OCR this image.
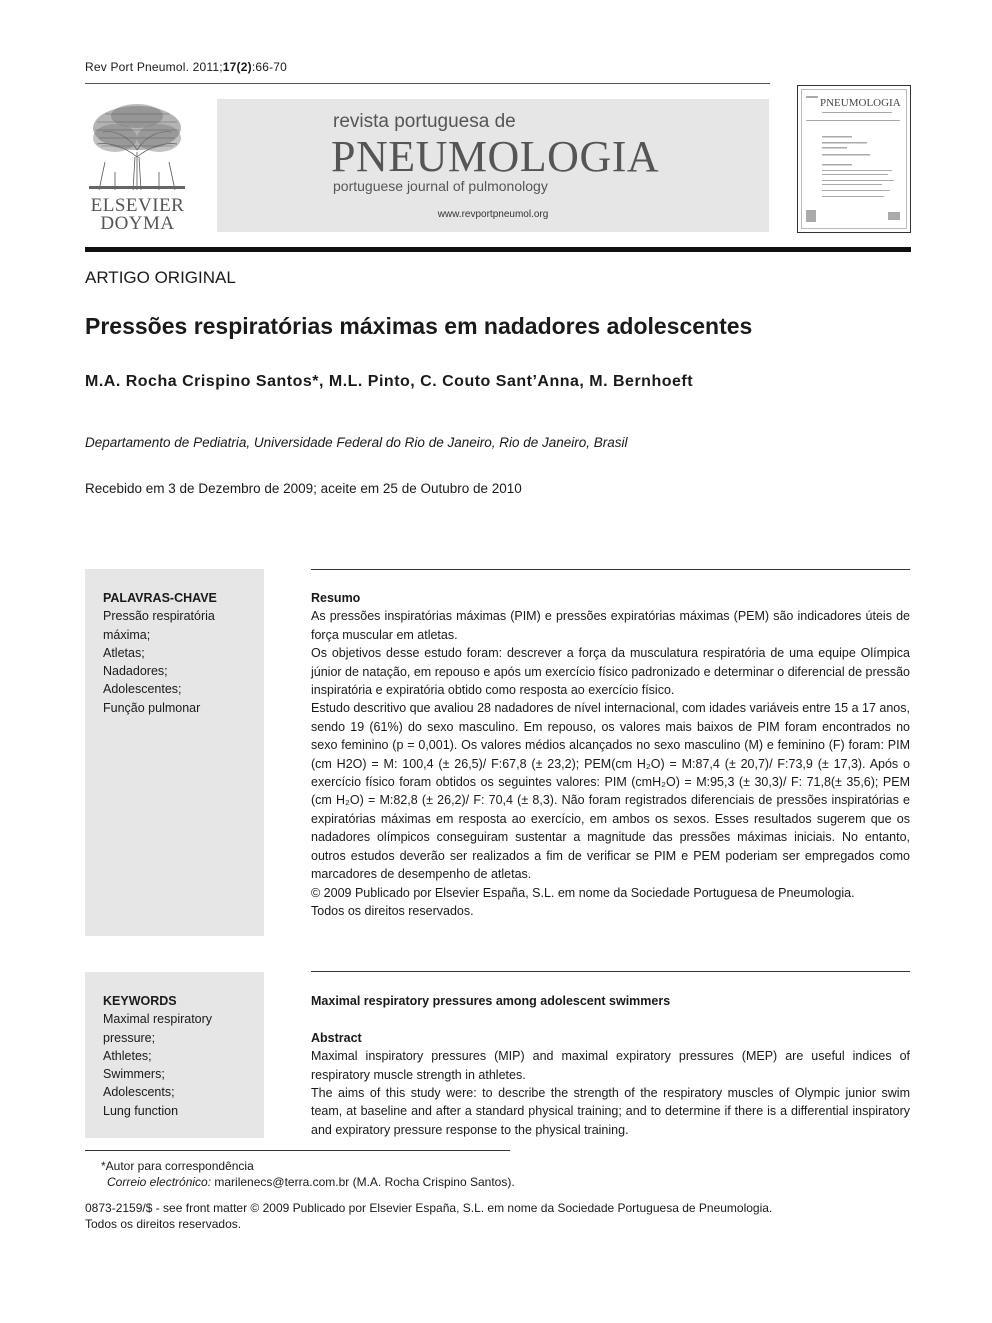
Rev Port Pneumol. 2011;17(2):66-70
ELSEVIER
DOYMA
revista portuguesa de
PNEUMOLOGIA
portuguese journal of pulmonology
www.revportpneumol.org
PNEUMOLOGIA
ARTIGO ORIGINAL
Pressões respiratórias máximas em nadadores adolescentes
M.A. Rocha Crispino Santos*, M.L. Pinto, C. Couto Sant’Anna, M. Bernhoeft
Departamento de Pediatria, Universidade Federal do Rio de Janeiro, Rio de Janeiro, Brasil
Recebido em 3 de Dezembro de 2009; aceite em 25 de Outubro de 2010
PALAVRAS-CHAVE
Pressão respiratória
máxima;
Atletas;
Nadadores;
Adolescentes;
Função pulmonar

Resumo

As pressões inspiratórias máximas (PIM) e pressões expiratórias máximas (PEM) são indicadores úteis de força muscular em atletas.

Os objetivos desse estudo foram: descrever a força da musculatura respiratória de uma equipe Olímpica júnior de natação, em repouso e após um exercício físico padronizado e determinar o diferencial de pressão inspiratória e expiratória obtido como resposta ao exercício físico.

Estudo descritivo que avaliou 28 nadadores de nível internacional, com idades variáveis entre 15 a 17 anos, sendo 19 (61%) do sexo masculino. Em repouso, os valores mais baixos de PIM foram encontrados no sexo feminino (p = 0,001). Os valores médios alcançados no sexo masculino (M) e feminino (F) foram: PIM (cm H2O) = M: 100,4 (± 26,5)/ F:67,8 (± 23,2); PEM(cm H₂O) = M:87,4 (± 20,7)/ F:73,9 (± 17,3). Após o exercício físico foram obtidos os seguintes valores: PIM (cmH₂O) = M:95,3 (± 30,3)/ F: 71,8(± 35,6); PEM (cm H₂O) = M:82,8 (± 26,2)/ F: 70,4 (± 8,3). Não foram registrados diferenciais de pressões inspiratórias e expiratórias máximas em resposta ao exercício, em ambos os sexos. Esses resultados sugerem que os nadadores olímpicos conseguiram sustentar a magnitude das pressões máximas iniciais. No entanto, outros estudos deverão ser realizados a fim de verificar se PIM e PEM poderiam ser empregados como marcadores de desempenho de atletas.

© 2009 Publicado por Elsevier España, S.L. em nome da Sociedade Portuguesa de Pneumologia.

Todos os direitos reservados.

KEYWORDS
Maximal respiratory
pressure;
Athletes;
Swimmers;
Adolescents;
Lung function

Maximal respiratory pressures among adolescent swimmers

Abstract

Maximal inspiratory pressures (MIP) and maximal expiratory pressures (MEP) are useful indices of respiratory muscle strength in athletes.

The aims of this study were: to describe the strength of the respiratory muscles of Olympic junior swim team, at baseline and after a standard physical training; and to determine if there is a differential inspiratory and expiratory pressure response to the physical training.

*Autor para correspondência
Correio electrónico: marilenecs@terra.com.br (M.A. Rocha Crispino Santos).
0873-2159/$ - see front matter © 2009 Publicado por Elsevier España, S.L. em nome da Sociedade Portuguesa de Pneumologia.
Todos os direitos reservados.
